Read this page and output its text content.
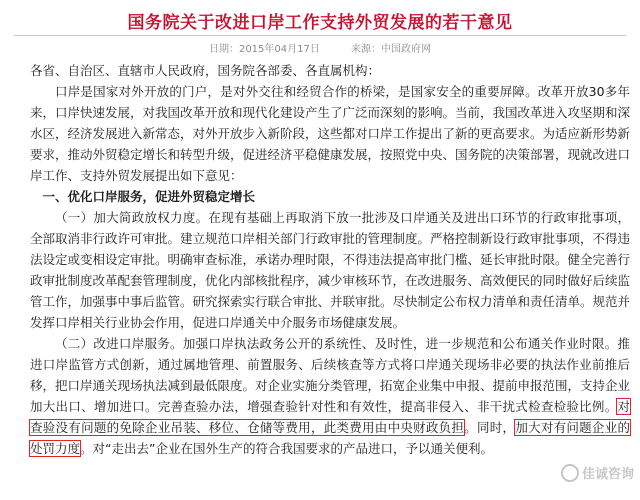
国务院关于改进口岸工作支持外贸发展的若干意见
日期：2015年04月17日	来源：中国政府网

各省、自治区、直辖市人民政府，国务院各部委、各直属机构：

口岸是国家对外开放的门户，是对外交往和经贸合作的桥梁，是国家安全的重要屏障。改革开放30多年来，口岸快速发展，对我国改革开放和现代化建设产生了广泛而深刻的影响。当前，我国改革进入攻坚期和深水区，经济发展进入新常态，对外开放步入新阶段，这些都对口岸工作提出了新的更高要求。为适应新形势新要求，推动外贸稳定增长和转型升级，促进经济平稳健康发展，按照党中央、国务院的决策部署，现就改进口岸工作、支持外贸发展提出如下意见：

一、优化口岸服务，促进外贸稳定增长

（一）加大简政放权力度。在现有基础上再取消下放一批涉及口岸通关及进出口环节的行政审批事项，全部取消非行政许可审批。建立规范口岸相关部门行政审批的管理制度。严格控制新设行政审批事项，不得违法设定或变相设定审批。明确审查标准，承诺办理时限，不得违法提高审批门槛、延长审批时限。健全完善行政审批制度改革配套管理制度，优化内部核批程序，减少审核环节，在改进服务、高效便民的同时做好后续监管工作，加强事中事后监管。研究探索实行联合审批、并联审批。尽快制定公布权力清单和责任清单。规范并发挥口岸相关行业协会作用，促进口岸通关中介服务市场健康发展。

（二）改进口岸服务。加强口岸执法政务公开的系统性、及时性，进一步规范和公布通关作业时限。推进口岸监管方式创新，通过属地管理、前置服务、后续核查等方式将口岸通关现场非必要的执法作业前推后移，把口岸通关现场执法减到最低限度。对企业实施分类管理，拓宽企业集中申报、提前申报范围，支持企业加大出口、增加进口。完善查验办法，增强查验针对性和有效性，提高非侵入、非干扰式检查检验比例。对查验没有问题的免除企业吊装、移位、仓储等费用，此类费用由中央财政负担。同时，加大对有问题企业的处罚力度。对“走出去”企业在国外生产的符合我国要求的产品进口，予以通关便利。

佳诚咨询
